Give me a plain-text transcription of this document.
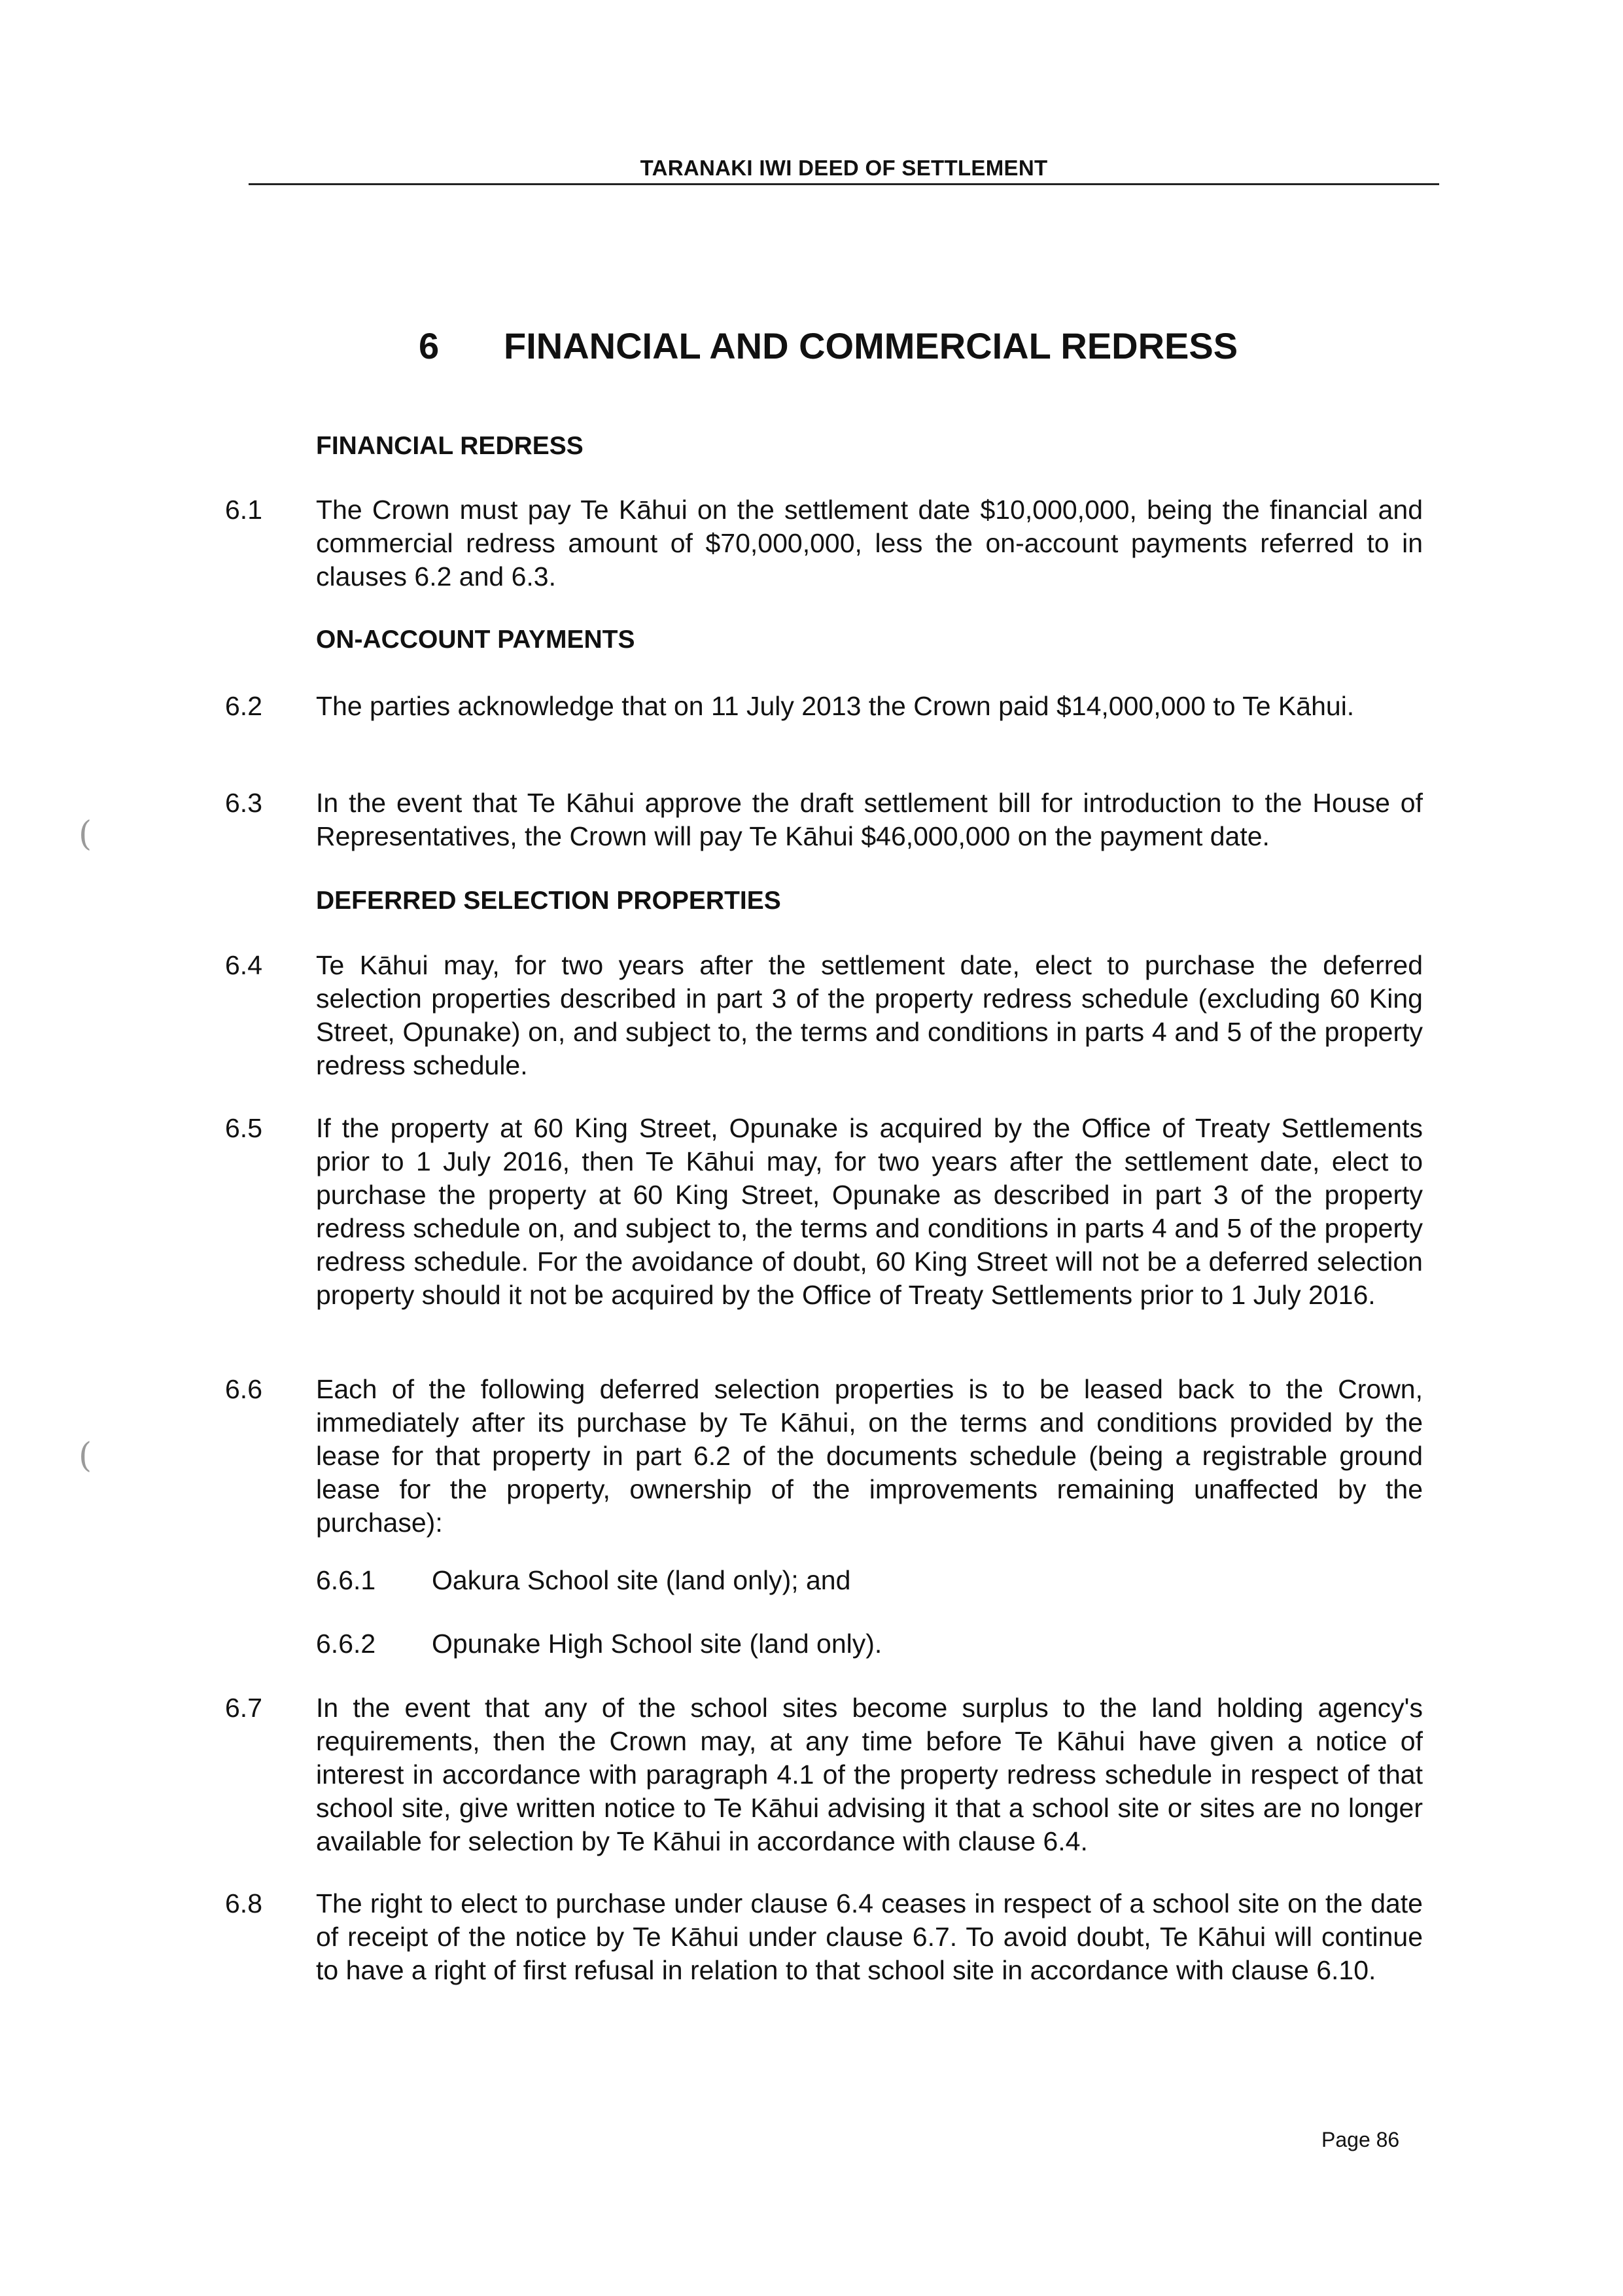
TARANAKI IWI DEED OF SETTLEMENT
6 FINANCIAL AND COMMERCIAL REDRESS
FINANCIAL REDRESS
6.1 The Crown must pay Te Kāhui on the settlement date $10,000,000, being the financial and commercial redress amount of $70,000,000, less the on-account payments referred to in clauses 6.2 and 6.3.
ON-ACCOUNT PAYMENTS
6.2 The parties acknowledge that on 11 July 2013 the Crown paid $14,000,000 to Te Kāhui.
6.3 In the event that Te Kāhui approve the draft settlement bill for introduction to the House of Representatives, the Crown will pay Te Kāhui $46,000,000 on the payment date.
DEFERRED SELECTION PROPERTIES
6.4 Te Kāhui may, for two years after the settlement date, elect to purchase the deferred selection properties described in part 3 of the property redress schedule (excluding 60 King Street, Opunake) on, and subject to, the terms and conditions in parts 4 and 5 of the property redress schedule.
6.5 If the property at 60 King Street, Opunake is acquired by the Office of Treaty Settlements prior to 1 July 2016, then Te Kāhui may, for two years after the settlement date, elect to purchase the property at 60 King Street, Opunake as described in part 3 of the property redress schedule on, and subject to, the terms and conditions in parts 4 and 5 of the property redress schedule. For the avoidance of doubt, 60 King Street will not be a deferred selection property should it not be acquired by the Office of Treaty Settlements prior to 1 July 2016.
6.6 Each of the following deferred selection properties is to be leased back to the Crown, immediately after its purchase by Te Kāhui, on the terms and conditions provided by the lease for that property in part 6.2 of the documents schedule (being a registrable ground lease for the property, ownership of the improvements remaining unaffected by the purchase):
6.6.1 Oakura School site (land only); and
6.6.2 Opunake High School site (land only).
6.7 In the event that any of the school sites become surplus to the land holding agency's requirements, then the Crown may, at any time before Te Kāhui have given a notice of interest in accordance with paragraph 4.1 of the property redress schedule in respect of that school site, give written notice to Te Kāhui advising it that a school site or sites are no longer available for selection by Te Kāhui in accordance with clause 6.4.
6.8 The right to elect to purchase under clause 6.4 ceases in respect of a school site on the date of receipt of the notice by Te Kāhui under clause 6.7. To avoid doubt, Te Kāhui will continue to have a right of first refusal in relation to that school site in accordance with clause 6.10.
Page 86
(
(
